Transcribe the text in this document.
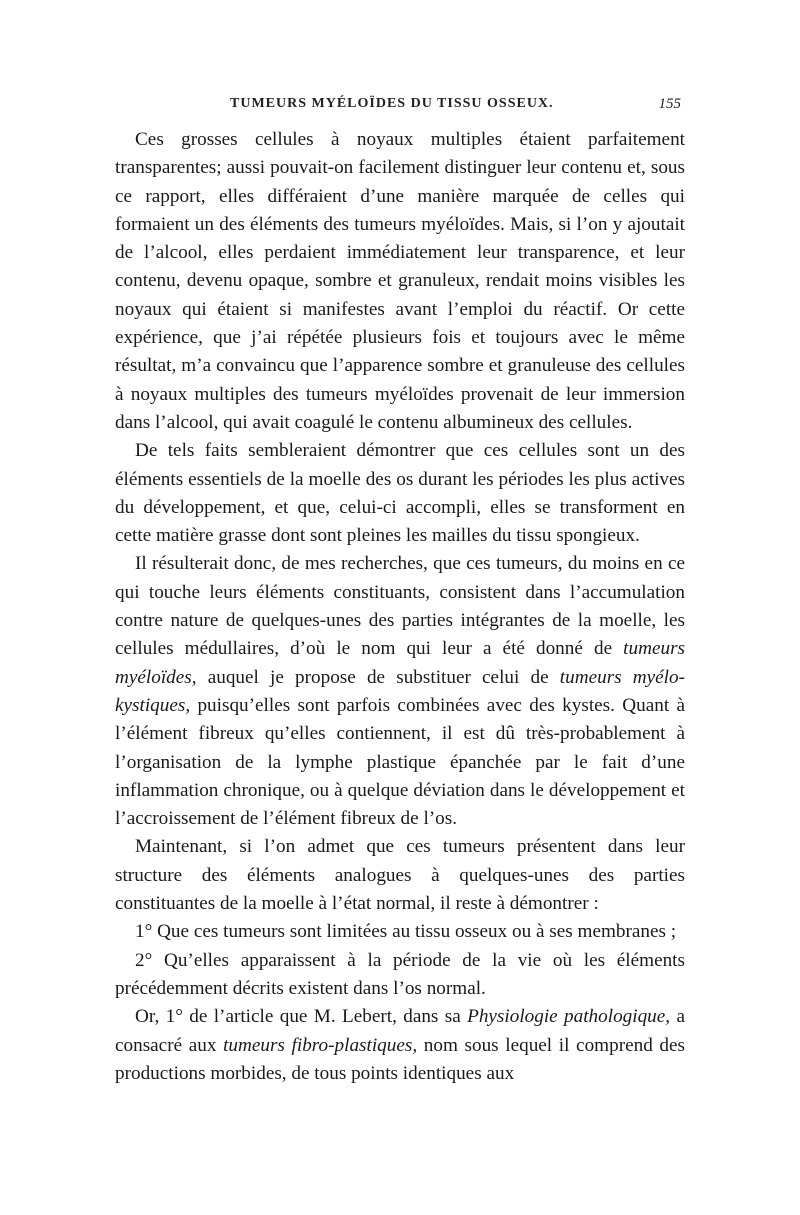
TUMEURS MYÉLOÏDES DU TISSU OSSEUX.	155

Ces grosses cellules à noyaux multiples étaient parfaitement transparentes; aussi pouvait-on facilement distinguer leur contenu et, sous ce rapport, elles différaient d’une manière marquée de celles qui formaient un des éléments des tumeurs myéloïdes. Mais, si l’on y ajoutait de l’alcool, elles perdaient immédiatement leur transparence, et leur contenu, devenu opaque, sombre et granuleux, rendait moins visibles les noyaux qui étaient si manifestes avant l’emploi du réactif. Or cette expérience, que j’ai répétée plusieurs fois et toujours avec le même résultat, m’a convaincu que l’apparence sombre et granuleuse des cellules à noyaux multiples des tumeurs myéloïdes provenait de leur immersion dans l’alcool, qui avait coagulé le contenu albumineux des cellules.

De tels faits sembleraient démontrer que ces cellules sont un des éléments essentiels de la moelle des os durant les périodes les plus actives du développement, et que, celui-ci accompli, elles se transforment en cette matière grasse dont sont pleines les mailles du tissu spongieux.

Il résulterait donc, de mes recherches, que ces tumeurs, du moins en ce qui touche leurs éléments constituants, consistent dans l’accumulation contre nature de quelques-unes des parties intégrantes de la moelle, les cellules médullaires, d’où le nom qui leur a été donné de tumeurs myéloïdes, auquel je propose de substituer celui de tumeurs myélo-kystiques, puisqu’elles sont parfois combinées avec des kystes. Quant à l’élément fibreux qu’elles contiennent, il est dû très-probablement à l’organisation de la lymphe plastique épanchée par le fait d’une inflammation chronique, ou à quelque déviation dans le développement et l’accroissement de l’élément fibreux de l’os.

Maintenant, si l’on admet que ces tumeurs présentent dans leur structure des éléments analogues à quelques-unes des parties constituantes de la moelle à l’état normal, il reste à démontrer :

1° Que ces tumeurs sont limitées au tissu osseux ou à ses membranes ;

2° Qu’elles apparaissent à la période de la vie où les éléments précédemment décrits existent dans l’os normal.

Or, 1° de l’article que M. Lebert, dans sa Physiologie pathologique, a consacré aux tumeurs fibro-plastiques, nom sous lequel il comprend des productions morbides, de tous points identiques aux
